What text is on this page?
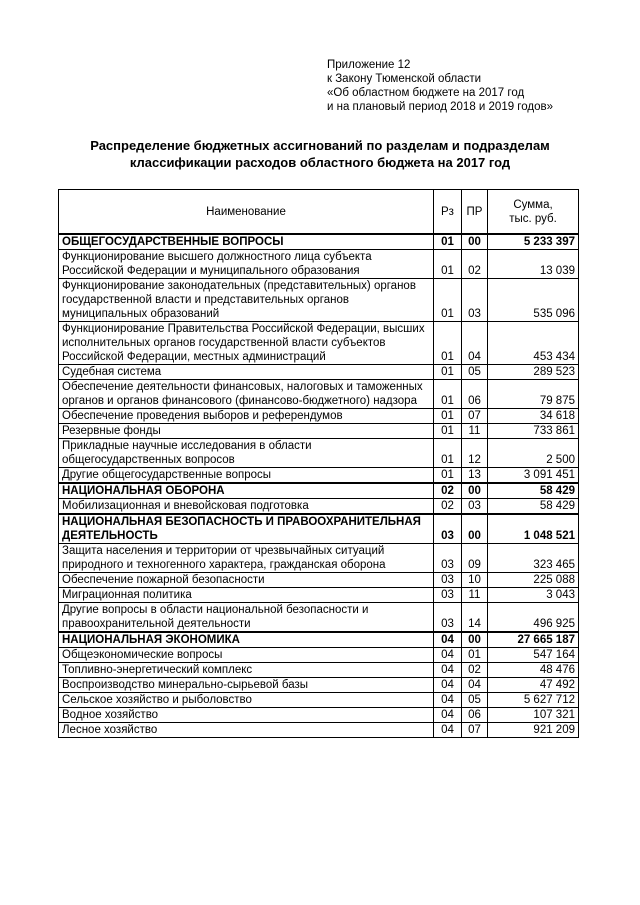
Приложение 12
к Закону Тюменской области
«Об областном бюджете на 2017 год
и на плановый период 2018 и 2019 годов»
Распределение бюджетных ассигнований по разделам и подразделам
классификации расходов областного бюджета на 2017 год
Наименование	Рз	ПР	Сумма,
тыс. руб.

ОБЩЕГОСУДАРСТВЕННЫЕ ВОПРОСЫ	01	00	5 233 397
Функционирование высшего должностного лица субъекта Российской Федерации и муниципального образования	01	02	13 039
Функционирование законодательных (представительных) органов государственной власти и представительных органов муниципальных образований	01	03	535 096
Функционирование Правительства Российской Федерации, высших исполнительных органов государственной власти субъектов Российской Федерации, местных администраций	01	04	453 434
Судебная система	01	05	289 523
Обеспечение деятельности финансовых, налоговых и таможенных органов и органов финансового (финансово-бюджетного) надзора	01	06	79 875
Обеспечение проведения выборов и референдумов	01	07	34 618
Резервные фонды	01	11	733 861
Прикладные научные исследования в области общегосударственных вопросов	01	12	2 500
Другие общегосударственные вопросы	01	13	3 091 451
НАЦИОНАЛЬНАЯ ОБОРОНА	02	00	58 429
Мобилизационная и вневойсковая подготовка	02	03	58 429
НАЦИОНАЛЬНАЯ БЕЗОПАСНОСТЬ И ПРАВООХРАНИТЕЛЬНАЯ ДЕЯТЕЛЬНОСТЬ	03	00	1 048 521
Защита населения и территории от чрезвычайных ситуаций природного и техногенного характера, гражданская оборона	03	09	323 465
Обеспечение пожарной безопасности	03	10	225 088
Миграционная политика	03	11	3 043
Другие вопросы в области национальной безопасности и правоохранительной деятельности	03	14	496 925
НАЦИОНАЛЬНАЯ ЭКОНОМИКА	04	00	27 665 187
Общеэкономические вопросы	04	01	547 164
Топливно-энергетический комплекс	04	02	48 476
Воспроизводство минерально-сырьевой базы	04	04	47 492
Сельское хозяйство и рыболовство	04	05	5 627 712
Водное хозяйство	04	06	107 321
Лесное хозяйство	04	07	921 209
